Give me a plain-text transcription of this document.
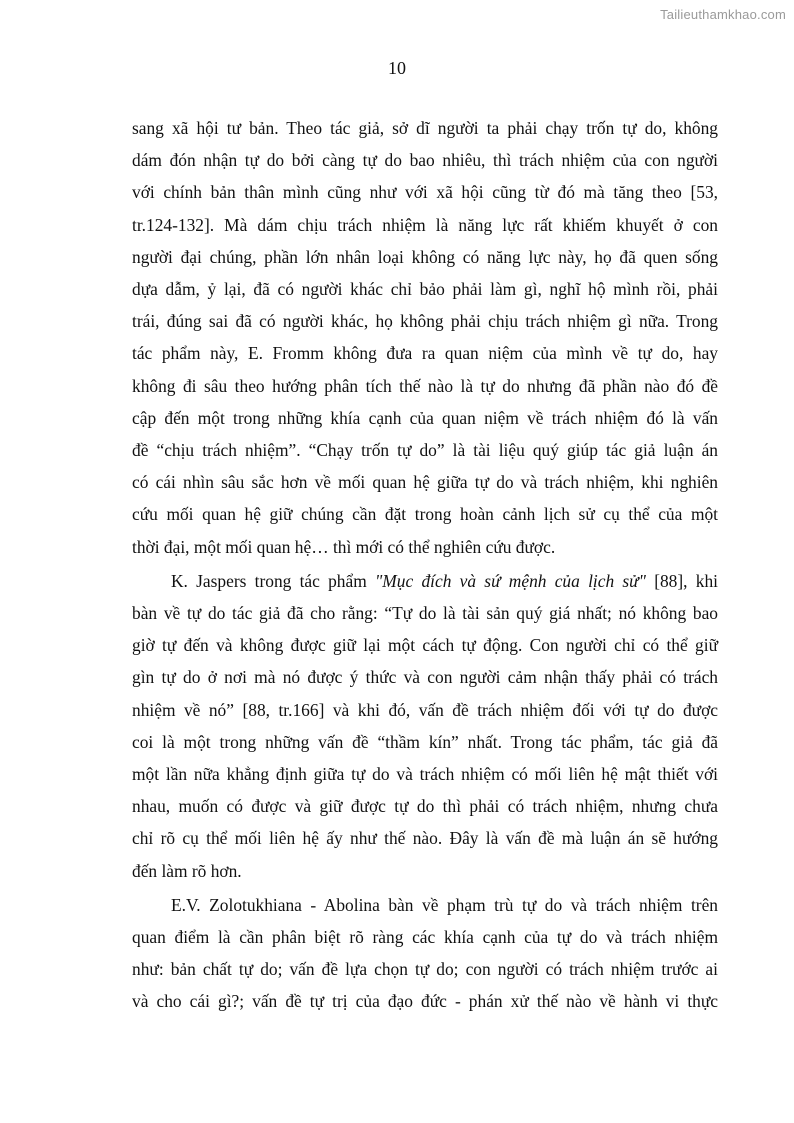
Tailieuthamkhao.com
10
sang xã hội tư bản. Theo tác giả, sở dĩ người ta phải chạy trốn tự do, không
dám đón nhận tự do bởi càng tự do bao nhiêu, thì trách nhiệm của con người
với chính bản thân mình cũng như với xã hội cũng từ đó mà tăng theo [53,
tr.124-132]. Mà dám chịu trách nhiệm là năng lực rất khiếm khuyết ở con
người đại chúng, phần lớn nhân loại không có năng lực này, họ đã quen sống
dựa dẫm, ỷ lại, đã có người khác chỉ bảo phải làm gì, nghĩ hộ mình rồi, phải
trái, đúng sai đã có người khác, họ không phải chịu trách nhiệm gì nữa. Trong
tác phẩm này, E. Fromm không đưa ra quan niệm của mình về tự do, hay
không đi sâu theo hướng phân tích thế nào là tự do nhưng đã phần nào đó đề
cập đến một trong những khía cạnh của quan niệm về trách nhiệm đó là vấn
đề “chịu trách nhiệm”. “Chạy trốn tự do” là tài liệu quý giúp tác giả luận án
có cái nhìn sâu sắc hơn về mối quan hệ giữa tự do và trách nhiệm, khi nghiên
cứu mối quan hệ giữ chúng cần đặt trong hoàn cảnh lịch sử cụ thể của một
thời đại, một mối quan hệ… thì mới có thể nghiên cứu được.
K. Jaspers trong tác phẩm "Mục đích và sứ mệnh của lịch sử" [88], khi
bàn về tự do tác giả đã cho rằng: “Tự do là tài sản quý giá nhất; nó không bao
giờ tự đến và không được giữ lại một cách tự động. Con người chỉ có thể giữ
gìn tự do ở nơi mà nó được ý thức và con người cảm nhận thấy phải có trách
nhiệm về nó” [88, tr.166] và khi đó, vấn đề trách nhiệm đối với tự do được
coi là một trong những vấn đề “thầm kín” nhất. Trong tác phẩm, tác giả đã
một lần nữa khẳng định giữa tự do và trách nhiệm có mối liên hệ mật thiết với
nhau, muốn có được và giữ được tự do thì phải có trách nhiệm, nhưng chưa
chỉ rõ cụ thể mối liên hệ ấy như thế nào. Đây là vấn đề mà luận án sẽ hướng
đến làm rõ hơn.
E.V. Zolotukhiana - Abolina bàn về phạm trù tự do và trách nhiệm trên
quan điểm là cần phân biệt rõ ràng các khía cạnh của tự do và trách nhiệm
như: bản chất tự do; vấn đề lựa chọn tự do; con người có trách nhiệm trước ai
và cho cái gì?; vấn đề tự trị của đạo đức - phán xử thế nào về hành vi thực
